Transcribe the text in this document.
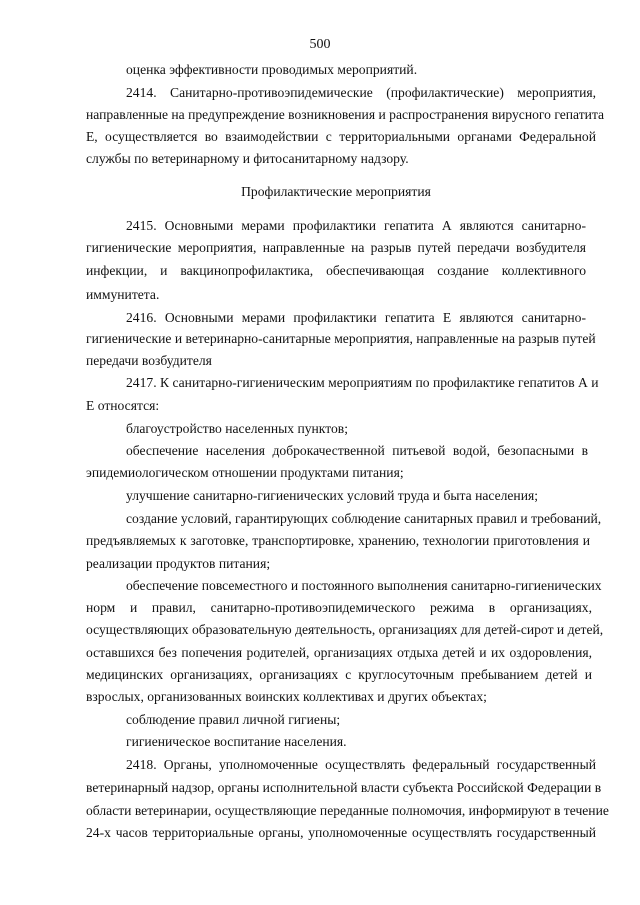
500
оценка эффективности проводимых мероприятий.
2414. Санитарно-противоэпидемические (профилактические) мероприятия,
направленные на предупреждение возникновения и распространения вирусного гепатита
Е, осуществляется во взаимодействии с территориальными органами Федеральной
службы по ветеринарному и фитосанитарному надзору.
Профилактические мероприятия
2415. Основными мерами профилактики гепатита А являются санитарно-
гигиенические мероприятия, направленные на разрыв путей передачи возбудителя
инфекции, и вакцинопрофилактика, обеспечивающая создание коллективного
иммунитета.
2416. Основными мерами профилактики гепатита Е являются санитарно-
гигиенические и ветеринарно-санитарные мероприятия, направленные на разрыв путей
передачи возбудителя
2417. К санитарно-гигиеническим мероприятиям по профилактике гепатитов А и
Е относятся:
благоустройство населенных пунктов;
обеспечение населения доброкачественной питьевой водой, безопасными в
эпидемиологическом отношении продуктами питания;
улучшение санитарно-гигиенических условий труда и быта населения;
создание условий, гарантирующих соблюдение санитарных правил и требований,
предъявляемых к заготовке, транспортировке, хранению, технологии приготовления и
реализации продуктов питания;
обеспечение повсеместного и постоянного выполнения санитарно-гигиенических
норм и правил, санитарно-противоэпидемического режима в организациях,
осуществляющих образовательную деятельность, организациях для детей-сирот и детей,
оставшихся без попечения родителей, организациях отдыха детей и их оздоровления,
медицинских организациях, организациях с круглосуточным пребыванием детей и
взрослых, организованных воинских коллективах и других объектах;
соблюдение правил личной гигиены;
гигиеническое воспитание населения.
2418. Органы, уполномоченные осуществлять федеральный государственный
ветеринарный надзор, органы исполнительной власти субъекта Российской Федерации в
области ветеринарии, осуществляющие переданные полномочия, информируют в течение
24-х часов территориальные органы, уполномоченные осуществлять государственный
